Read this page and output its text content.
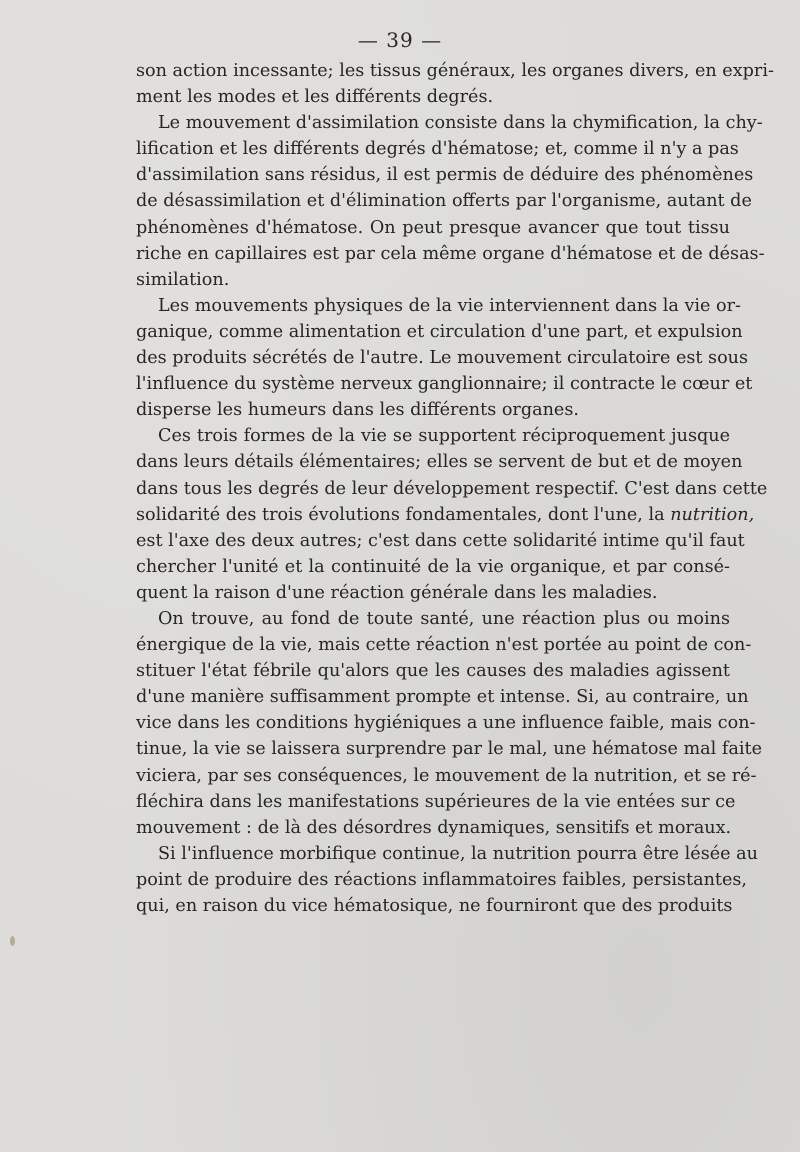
— 39 —
son action incessante; les tissus généraux, les organes divers, en expri-
ment les modes et les différents degrés.
Le mouvement d'assimilation consiste dans la chymification, la chy-
lification et les différents degrés d'hématose; et, comme il n'y a pas
d'assimilation sans résidus, il est permis de déduire des phénomènes
de désassimilation et d'élimination offerts par l'organisme, autant de
phénomènes d'hématose. On peut presque avancer que tout tissu
riche en capillaires est par cela même organe d'hématose et de désas-
similation.
Les mouvements physiques de la vie interviennent dans la vie or-
ganique, comme alimentation et circulation d'une part, et expulsion
des produits sécrétés de l'autre. Le mouvement circulatoire est sous
l'influence du système nerveux ganglionnaire; il contracte le cœur et
disperse les humeurs dans les différents organes.
Ces trois formes de la vie se supportent réciproquement jusque
dans leurs détails élémentaires; elles se servent de but et de moyen
dans tous les degrés de leur développement respectif. C'est dans cette
solidarité des trois évolutions fondamentales, dont l'une, la nutrition,
est l'axe des deux autres; c'est dans cette solidarité intime qu'il faut
chercher l'unité et la continuité de la vie organique, et par consé-
quent la raison d'une réaction générale dans les maladies.
On trouve, au fond de toute santé, une réaction plus ou moins
énergique de la vie, mais cette réaction n'est portée au point de con-
stituer l'état fébrile qu'alors que les causes des maladies agissent
d'une manière suffisamment prompte et intense. Si, au contraire, un
vice dans les conditions hygiéniques a une influence faible, mais con-
tinue, la vie se laissera surprendre par le mal, une hématose mal faite
viciera, par ses conséquences, le mouvement de la nutrition, et se ré-
fléchira dans les manifestations supérieures de la vie entées sur ce
mouvement : de là des désordres dynamiques, sensitifs et moraux.
Si l'influence morbifique continue, la nutrition pourra être lésée au
point de produire des réactions inflammatoires faibles, persistantes,
qui, en raison du vice hématosique, ne fourniront que des produits
